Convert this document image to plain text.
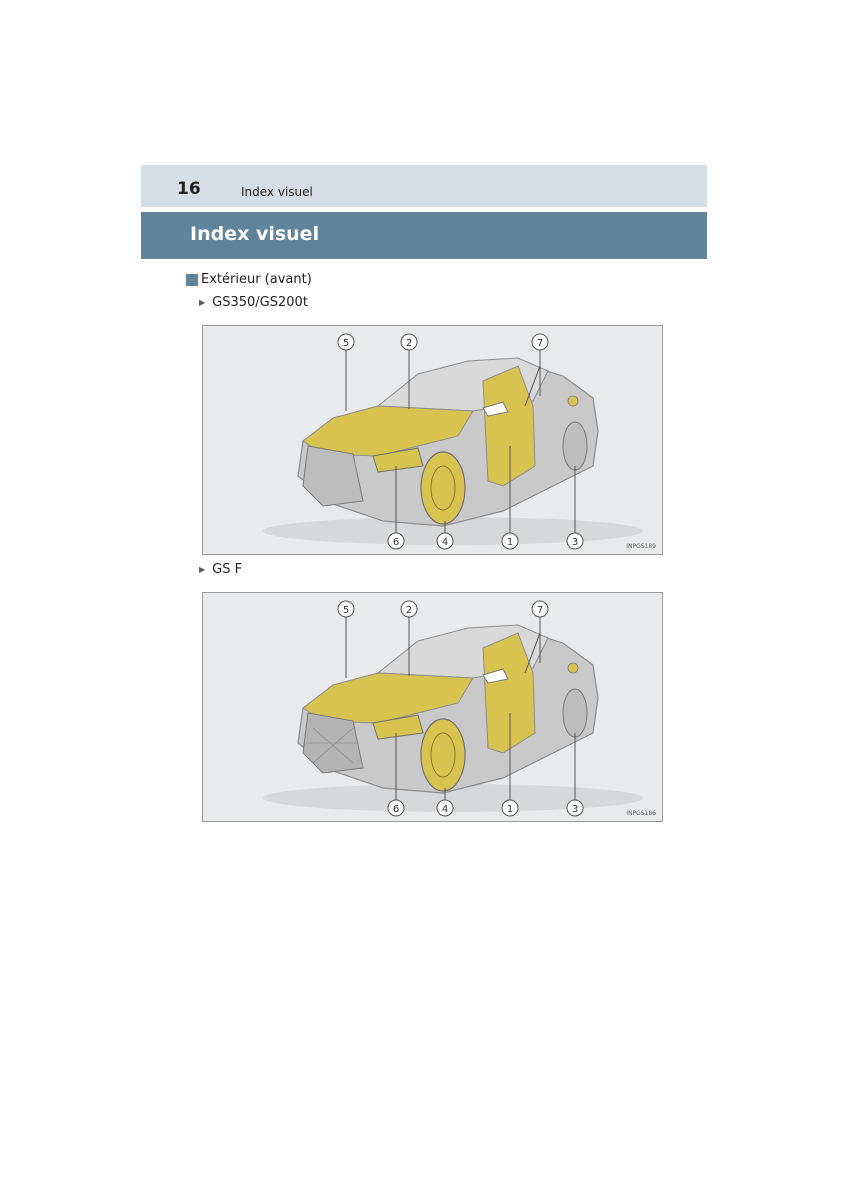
16	Index visuel
Index visuel
Extérieur (avant)
▶ GS350/GS200t
5	2	7
6	4	1	3	INPGS189
▶ GS F
5	2	7
6	4	1	3	INPGS186
